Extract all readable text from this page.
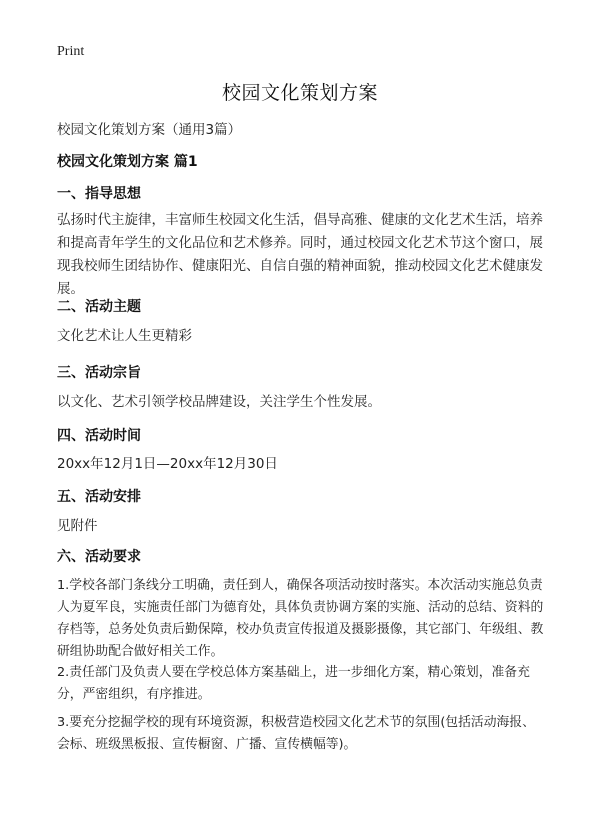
Print
校园文化策划方案
校园文化策划方案（通用3篇）
校园文化策划方案 篇1
一、指导思想
弘扬时代主旋律，丰富师生校园文化生活，倡导高雅、健康的文化艺术生活，培养和提高青年学生的文化品位和艺术修养。同时，通过校园文化艺术节这个窗口，展现我校师生团结协作、健康阳光、自信自强的精神面貌，推动校园文化艺术健康发展。
二、活动主题
文化艺术让人生更精彩
三、活动宗旨
以文化、艺术引领学校品牌建设，关注学生个性发展。
四、活动时间
20xx年12月1日—20xx年12月30日
五、活动安排
见附件
六、活动要求
1.学校各部门条线分工明确，责任到人，确保各项活动按时落实。本次活动实施总负责人为夏军良，实施责任部门为德育处，具体负责协调方案的实施、活动的总结、资料的存档等，总务处负责后勤保障，校办负责宣传报道及摄影摄像，其它部门、年级组、教研组协助配合做好相关工作。
2.责任部门及负责人要在学校总体方案基础上，进一步细化方案，精心策划，准备充分，严密组织，有序推进。
3.要充分挖掘学校的现有环境资源，积极营造校园文化艺术节的氛围(包括活动海报、会标、班级黑板报、宣传橱窗、广播、宣传横幅等)。
